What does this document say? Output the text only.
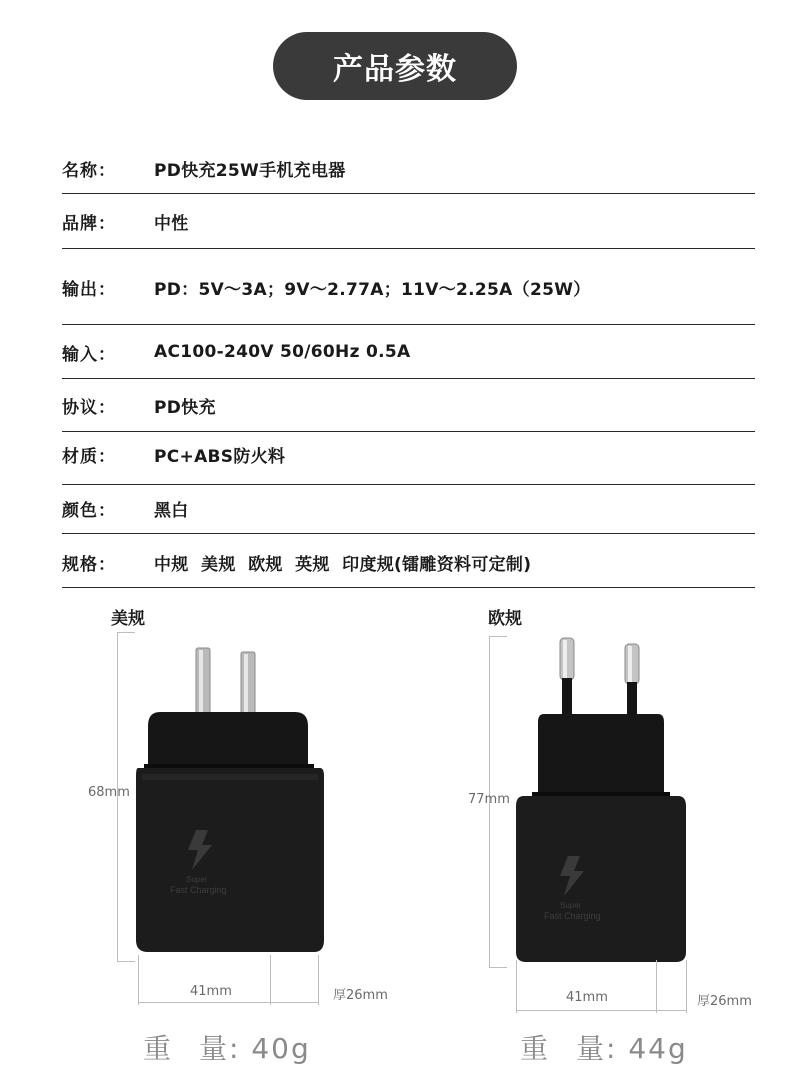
产品参数
名称：	PD快充25W手机充电器
品牌：	中性
输出：	PD：5V～3A；9V～2.77A；11V～2.25A（25W）
输入：	AC100-240V 50/60Hz 0.5A
协议：	PD快充
材质：	PC+ABS防火料
颜色：	黑白
规格：	中规  美规  欧规  英规  印度规(镭雕资料可定制)
美规
68mm
Super
Fast Charging
41mm	厚26mm
重 量: 40g
欧规
77mm
Super
Fast Charging
41mm	厚26mm
重 量: 44g
